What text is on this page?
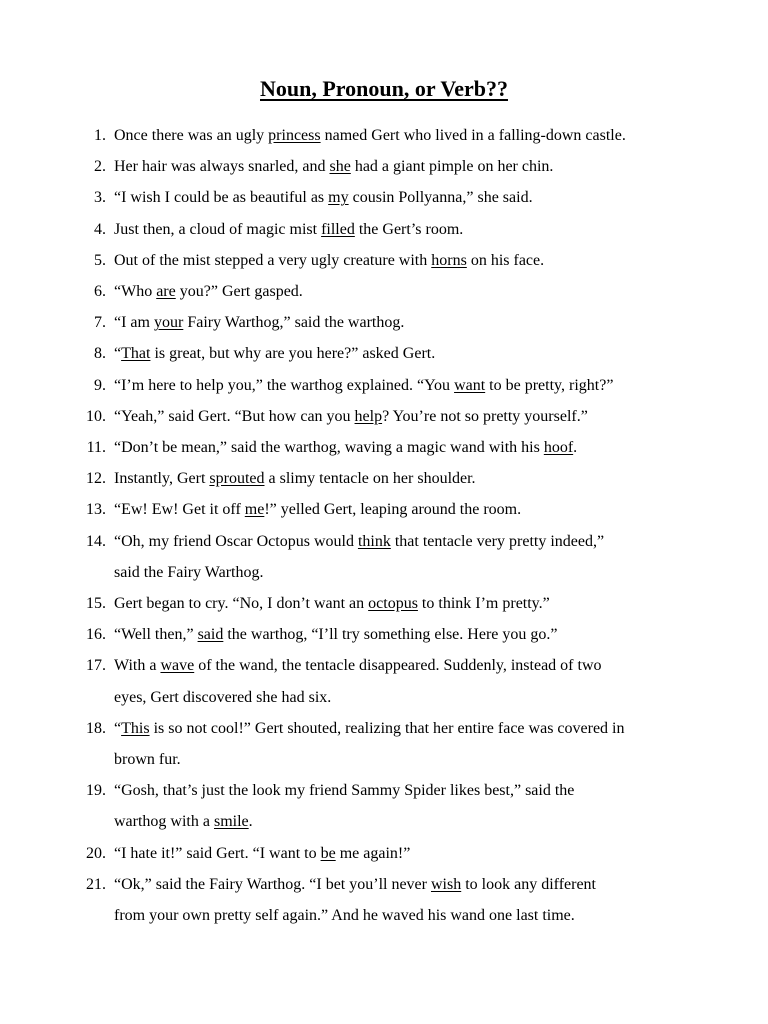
Noun, Pronoun, or Verb??
1. Once there was an ugly princess named Gert who lived in a falling-down castle.
2. Her hair was always snarled, and she had a giant pimple on her chin.
3. “I wish I could be as beautiful as my cousin Pollyanna,” she said.
4. Just then, a cloud of magic mist filled the Gert’s room.
5. Out of the mist stepped a very ugly creature with horns on his face.
6. “Who are you?” Gert gasped.
7. “I am your Fairy Warthog,” said the warthog.
8. “That is great, but why are you here?” asked Gert.
9. “I’m here to help you,” the warthog explained. “You want to be pretty, right?”
10. “Yeah,” said Gert. “But how can you help? You’re not so pretty yourself.”
11. “Don’t be mean,” said the warthog, waving a magic wand with his hoof.
12. Instantly, Gert sprouted a slimy tentacle on her shoulder.
13. “Ew! Ew! Get it off me!” yelled Gert, leaping around the room.
14. “Oh, my friend Oscar Octopus would think that tentacle very pretty indeed,”
said the Fairy Warthog.
15. Gert began to cry. “No, I don’t want an octopus to think I’m pretty.”
16. “Well then,” said the warthog, “I’ll try something else. Here you go.”
17. With a wave of the wand, the tentacle disappeared. Suddenly, instead of two
eyes, Gert discovered she had six.
18. “This is so not cool!” Gert shouted, realizing that her entire face was covered in
brown fur.
19. “Gosh, that’s just the look my friend Sammy Spider likes best,” said the
warthog with a smile.
20. “I hate it!” said Gert. “I want to be me again!”
21. “Ok,” said the Fairy Warthog. “I bet you’ll never wish to look any different
from your own pretty self again.” And he waved his wand one last time.
